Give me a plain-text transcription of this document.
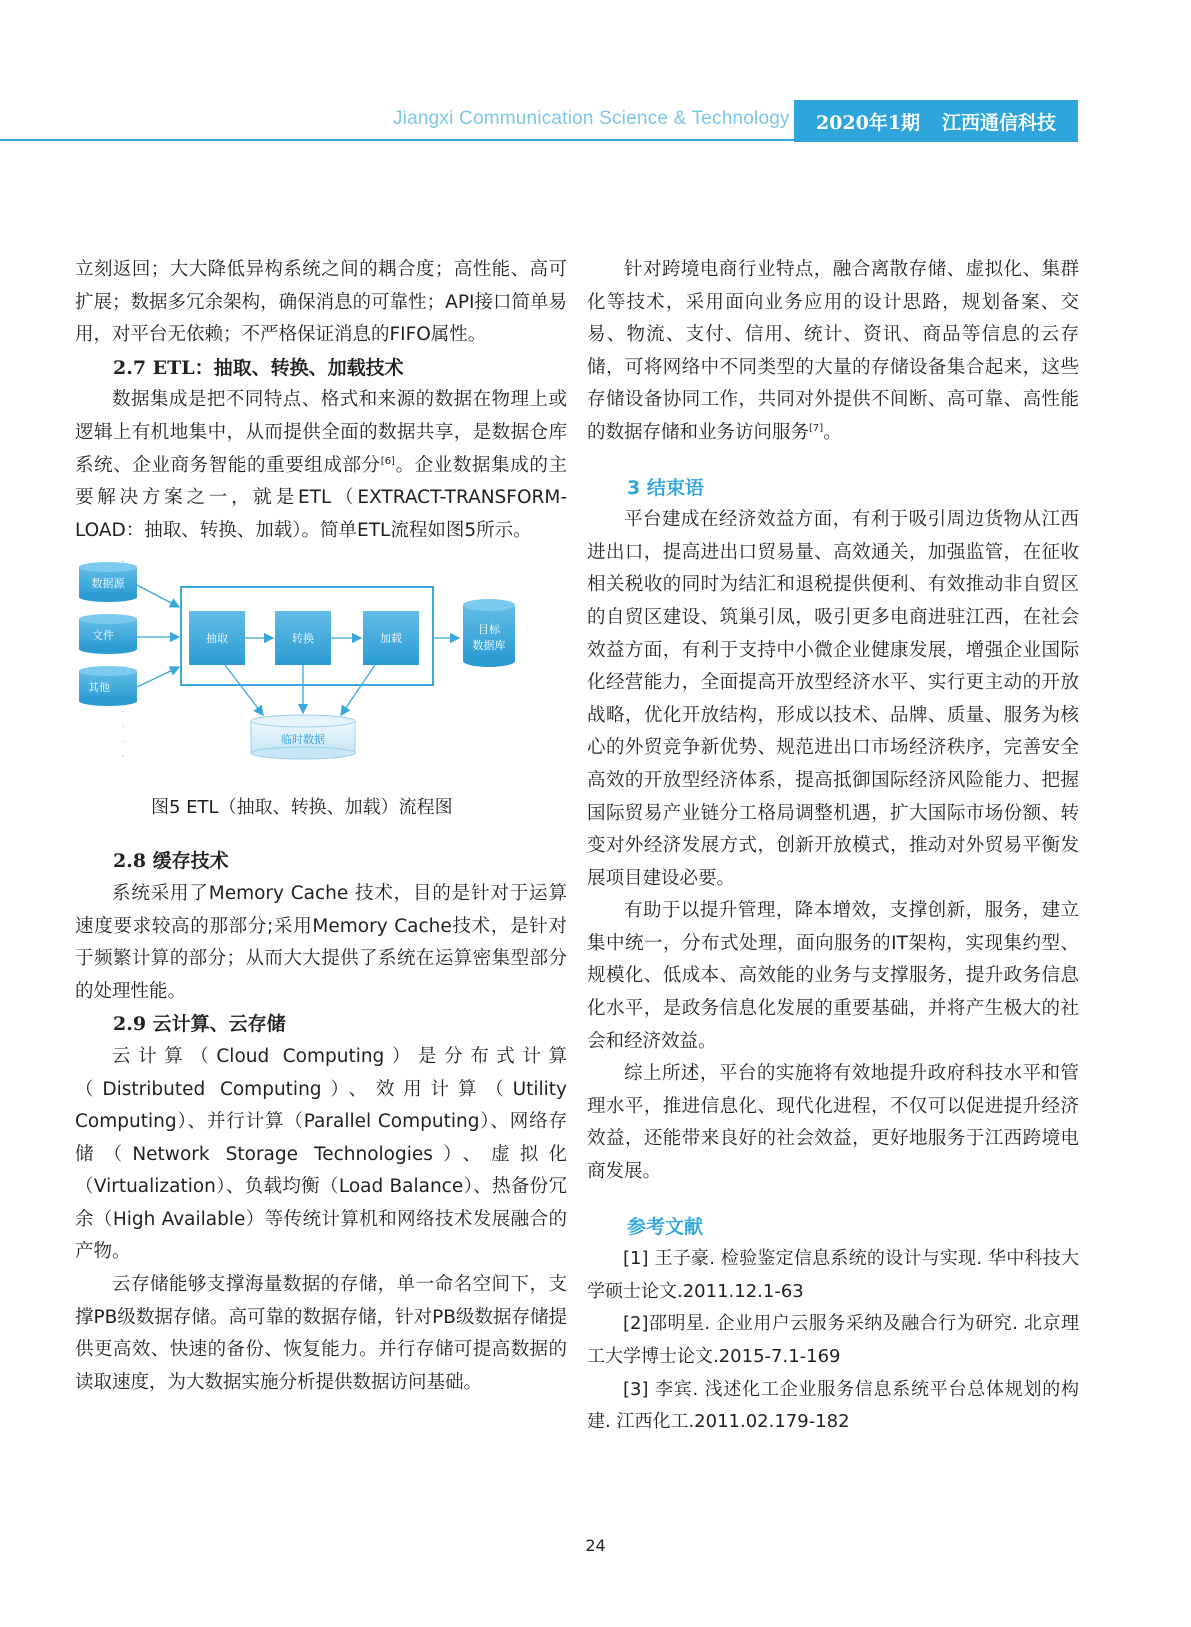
Jiangxi Communication Science & Technology 2020年1期 江西通信科技

立刻返回；大大降低异构系统之间的耦合度；高性能、高可扩展；数据多冗余架构，确保消息的可靠性；API接口简单易用，对平台无依赖；不严格保证消息的FIFO属性。

2.7 ETL：抽取、转换、加载技术

数据集成是把不同特点、格式和来源的数据在物理上或逻辑上有机地集中，从而提供全面的数据共享，是数据仓库系统、企业商务智能的重要组成部分[6]。企业数据集成的主要解决方案之一，就是ETL（EXTRACT-TRANSFORM-LOAD：抽取、转换、加载）。简单ETL流程如图5所示。

数据源
文件
其他
抽取	转换	加载
目标
数据库
临时数据
图5 ETL（抽取、转换、加载）流程图
2.8 缓存技术

系统采用了Memory Cache 技术，目的是针对于运算速度要求较高的那部分;采用Memory Cache技术，是针对于频繁计算的部分；从而大大提供了系统在运算密集型部分的处理性能。

2.9 云计算、云存储

云计算（Cloud Computing）是分布式计算（Distributed Computing）、效用计算（Utility Computing）、并行计算（Parallel Computing）、网络存储（Network Storage Technologies）、虚拟化（Virtualization）、负载均衡（Load Balance）、热备份冗余（High Available）等传统计算机和网络技术发展融合的产物。

云存储能够支撑海量数据的存储，单一命名空间下，支撑PB级数据存储。高可靠的数据存储，针对PB级数据存储提供更高效、快速的备份、恢复能力。并行存储可提高数据的读取速度，为大数据实施分析提供数据访问基础。

针对跨境电商行业特点，融合离散存储、虚拟化、集群化等技术，采用面向业务应用的设计思路，规划备案、交易、物流、支付、信用、统计、资讯、商品等信息的云存储，可将网络中不同类型的大量的存储设备集合起来，这些存储设备协同工作，共同对外提供不间断、高可靠、高性能的数据存储和业务访问服务[7]。

3 结束语

平台建成在经济效益方面，有利于吸引周边货物从江西进出口，提高进出口贸易量、高效通关，加强监管，在征收相关税收的同时为结汇和退税提供便利、有效推动非自贸区的自贸区建设、筑巢引凤，吸引更多电商进驻江西，在社会效益方面，有利于支持中小微企业健康发展，增强企业国际化经营能力，全面提高开放型经济水平、实行更主动的开放战略，优化开放结构，形成以技术、品牌、质量、服务为核心的外贸竞争新优势、规范进出口市场经济秩序，完善安全高效的开放型经济体系，提高抵御国际经济风险能力、把握国际贸易产业链分工格局调整机遇，扩大国际市场份额、转变对外经济发展方式，创新开放模式，推动对外贸易平衡发展项目建设必要。

有助于以提升管理，降本增效，支撑创新，服务，建立集中统一，分布式处理，面向服务的IT架构，实现集约型、规模化、低成本、高效能的业务与支撑服务，提升政务信息化水平，是政务信息化发展的重要基础，并将产生极大的社会和经济效益。

综上所述，平台的实施将有效地提升政府科技水平和管理水平，推进信息化、现代化进程，不仅可以促进提升经济效益，还能带来良好的社会效益，更好地服务于江西跨境电商发展。

参考文献
[1] 王子豪. 检验鉴定信息系统的设计与实现. 华中科技大学硕士论文.2011.12.1-63
[2]邵明星. 企业用户云服务采纳及融合行为研究. 北京理工大学博士论文.2015-7.1-169
[3] 李宾. 浅述化工企业服务信息系统平台总体规划的构建. 江西化工.2011.02.179-182
24
